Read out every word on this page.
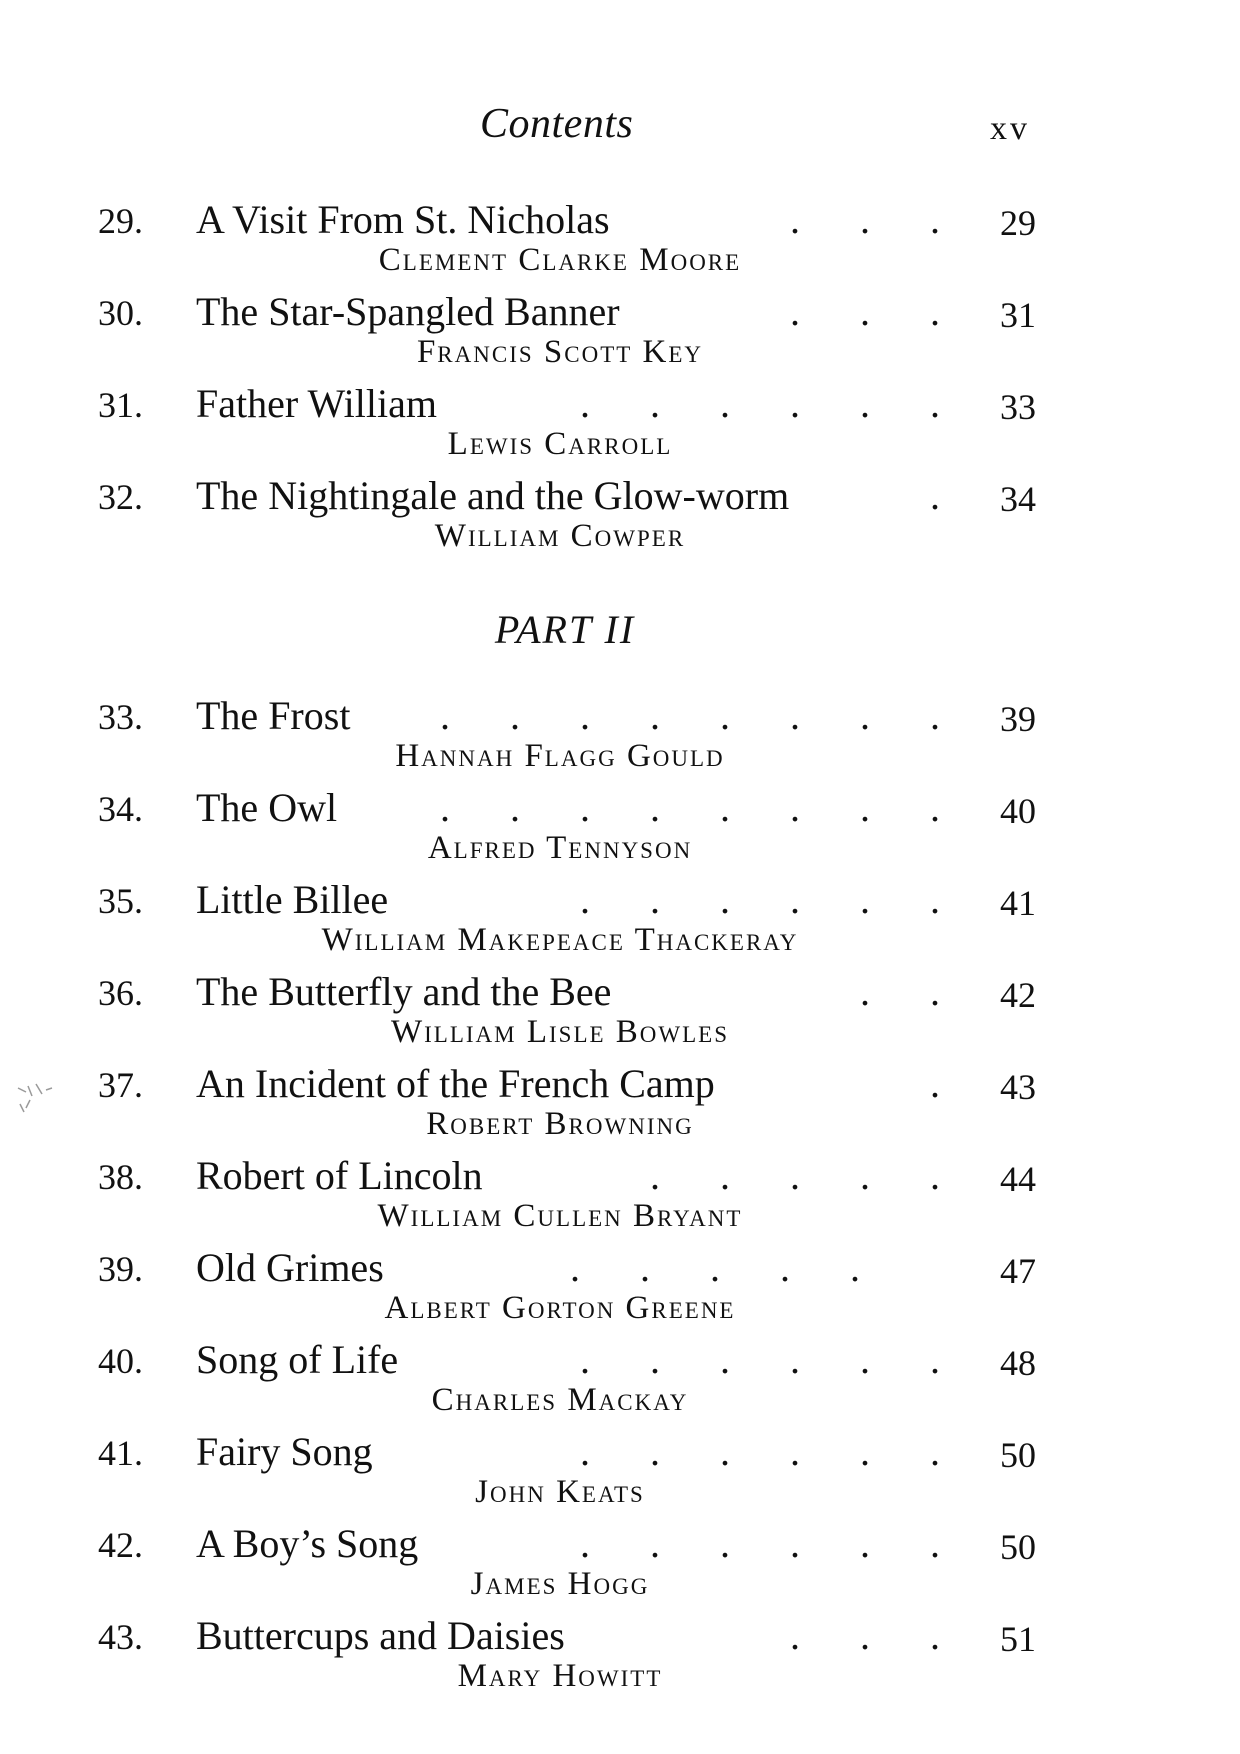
Contents	xv
29. A Visit From St. Nicholas	.      .      . 29
Clement Clarke Moore
30. The Star-Spangled Banner	.      .      . 31
Francis Scott Key
31. Father William	.      .      .      .      .      . 33
Lewis Carroll
32. The Nightingale and the Glow-worm	. 34
William Cowper
PART II
33. The Frost .      .      .      .      .      .      .      . 39
Hannah Flagg Gould
34. The Owl .      .      .      .      .      .      .      . 40
Alfred Tennyson
35. Little Billee	.      .      .      .      .      . 41
William Makepeace Thackeray
36. The Butterfly and the Bee	.      . 42
William Lisle Bowles
37. An Incident of the French Camp	. 43
Robert Browning
38. Robert of Lincoln	.      .      .      .      . 44
William Cullen Bryant
39. Old Grimes	.      .      .      .      . 47
Albert Gorton Greene
40. Song of Life	.      .      .      .      .      . 48
Charles Mackay
41. Fairy Song	.      .      .      .      .      . 50
John Keats
42. A Boy’s Song	.      .      .      .      .      . 50
James Hogg
43. Buttercups and Daisies	.      .      . 51
Mary Howitt
